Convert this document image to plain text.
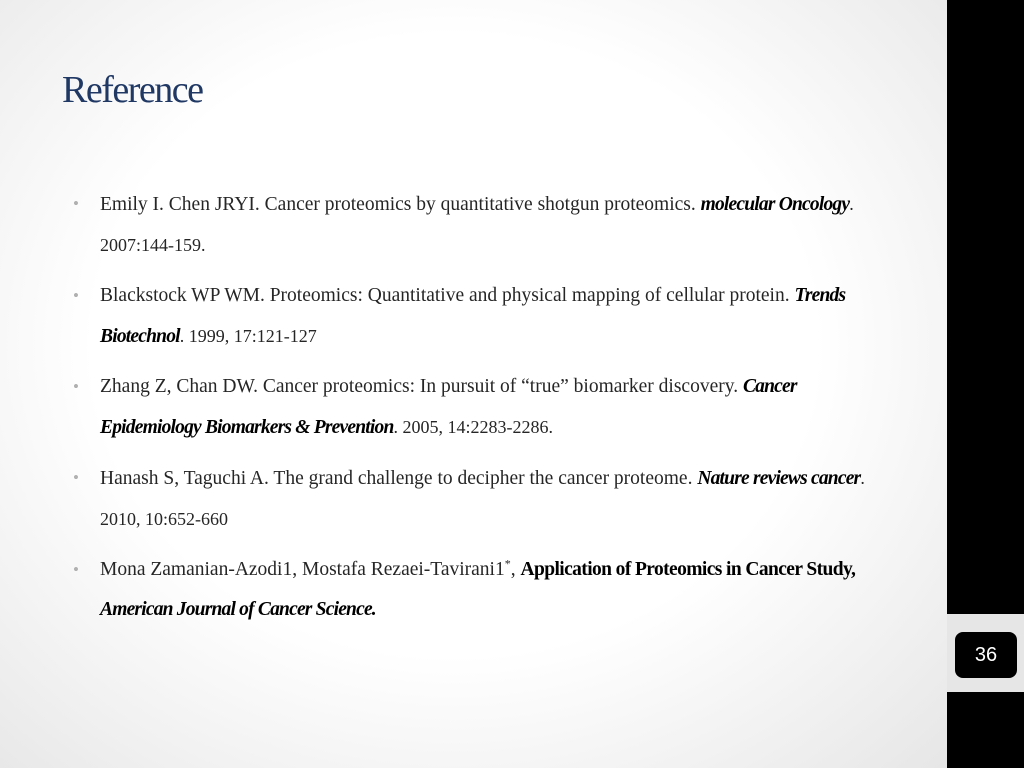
Reference
• Emily I. Chen JRYI. Cancer proteomics by quantitative shotgun proteomics. molecular Oncology. 2007:144-159.
• Blackstock WP WM. Proteomics: Quantitative and physical mapping of cellular protein. Trends Biotechnol. 1999, 17:121-127
• Zhang Z, Chan DW. Cancer proteomics: In pursuit of “true” biomarker discovery. Cancer Epidemiology Biomarkers & Prevention. 2005, 14:2283-2286.
• Hanash S, Taguchi A. The grand challenge to decipher the cancer proteome. Nature reviews cancer. 2010, 10:652-660
• Mona Zamanian-Azodi1, Mostafa Rezaei-Tavirani1*, Application of Proteomics in Cancer Study, American Journal of Cancer Science.
36
